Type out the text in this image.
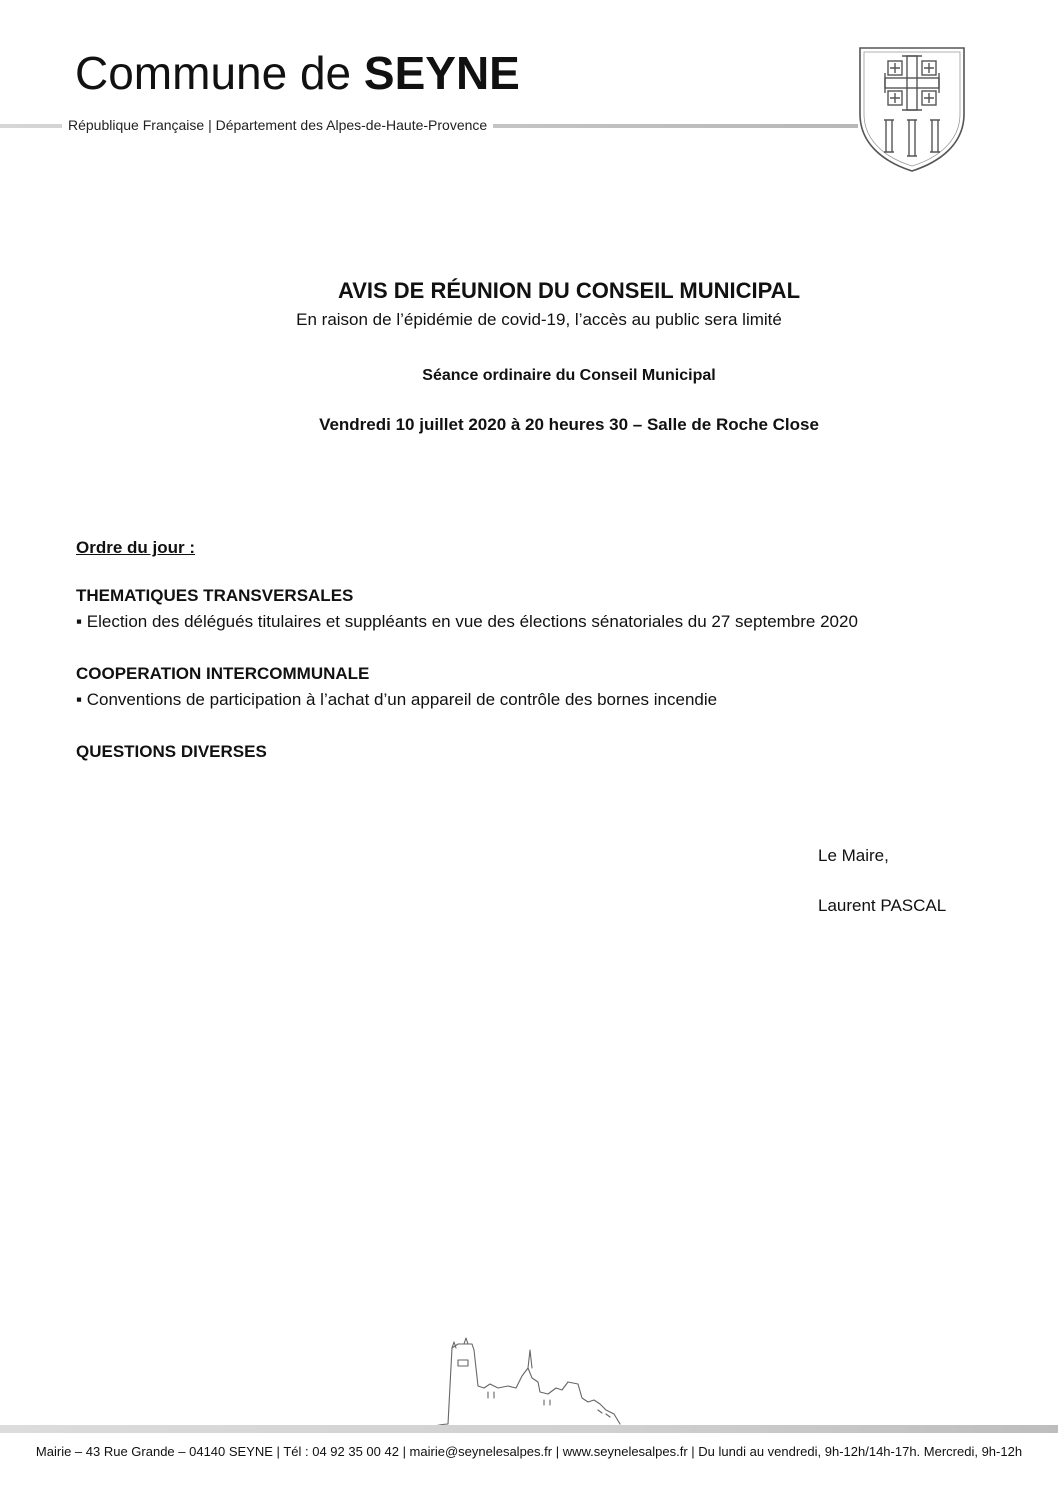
Commune de SEYNE
République Française | Département des Alpes-de-Haute-Provence
AVIS DE RÉUNION DU CONSEIL MUNICIPAL
En raison de l’épidémie de covid-19, l’accès au public sera limité
Séance ordinaire du Conseil Municipal
Vendredi 10 juillet 2020 à 20 heures 30 – Salle de Roche Close
Ordre du jour :
THEMATIQUES TRANSVERSALES
▪ Election des délégués titulaires et suppléants en vue des élections sénatoriales du 27 septembre 2020
COOPERATION INTERCOMMUNALE
▪ Conventions de participation à l’achat d’un appareil de contrôle des bornes incendie
QUESTIONS DIVERSES
Le Maire,
Laurent PASCAL
Mairie – 43 Rue Grande – 04140 SEYNE | Tél : 04 92 35 00 42 | mairie@seynelesalpes.fr | www.seynelesalpes.fr | Du lundi au vendredi, 9h-12h/14h-17h. Mercredi, 9h-12h
